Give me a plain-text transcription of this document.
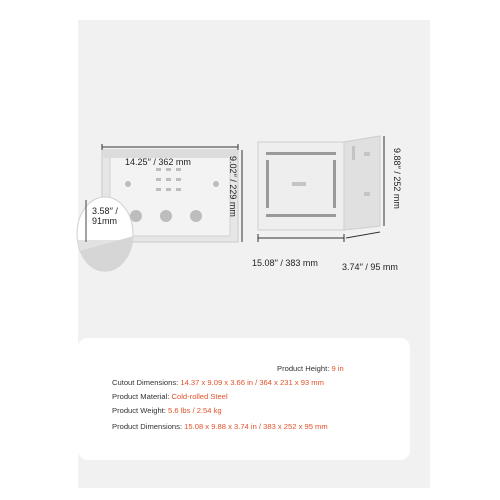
14.25′′ / 362 mm	9.02′′ / 229 mm
3.58′′ / 91mm
9.88′′ / 252 mm
15.08′′ / 383 mm	3.74′′ / 95 mm
Product Height: 9 in
Cutout Dimensions: 14.37 x 9.09 x 3.66 in / 364 x 231 x 93 mm
Product Material: Cold-rolled Steel
Product Weight: 5.6 lbs / 2.54 kg
Product Dimensions: 15.08 x 9.88 x 3.74 in / 383 x 252 x 95 mm
